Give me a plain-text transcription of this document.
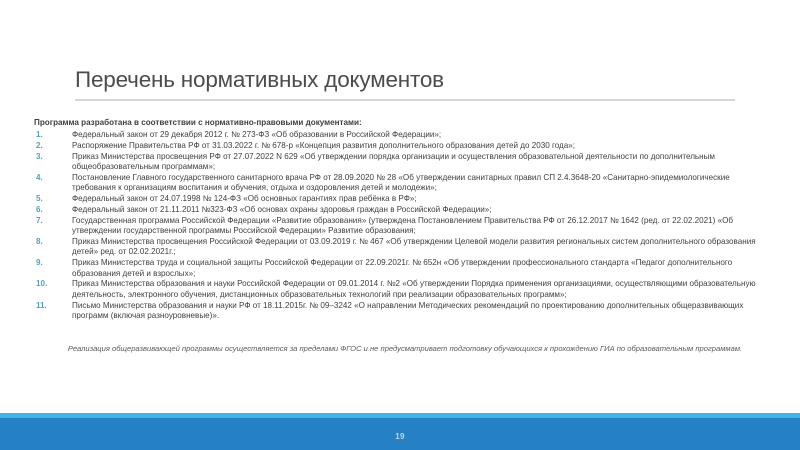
Перечень нормативных документов
Программа разработана в соответствии с нормативно-правовыми документами:
1.	Федеральный закон от 29 декабря 2012 г. № 273-ФЗ «Об образовании в Российской Федерации»;
2.	Распоряжение Правительства РФ от 31.03.2022 г. № 678-р «Концепция развития дополнительного образования детей до 2030 года»;
3.	Приказ Министерства просвещения РФ от 27.07.2022 N 629 «Об утверждении порядка организации и осуществления образовательной деятельности по дополнительным общеобразовательным программам»;
4.	Постановление Главного государственного санитарного врача РФ от 28.09.2020 № 28 «Об утверждении санитарных правил СП 2.4.3648-20 «Санитарно-эпидемиологические требования к организациям воспитания и обучения, отдыха и оздоровления детей и молодежи»;
5.	Федеральный закон от 24.07.1998 № 124-ФЗ «Об основных гарантиях прав ребёнка в РФ»;
6.	Федеральный закон от 21.11.2011 №323-ФЗ «Об основах охраны здоровья граждан в Российской Федерации»;
7.	Государственная программа Российской Федерации «Развитие образования» (утверждена Постановлением Правительства РФ от 26.12.2017 № 1642 (ред. от 22.02.2021) «Об утверждении государственной программы Российской Федерации» Развитие образования;
8.	Приказ Министерства просвещения Российской Федерации от 03.09.2019 г. № 467 «Об утверждении Целевой модели развития региональных систем дополнительного образования детей» ред. от 02.02.2021г.;
9.	Приказ Министерства труда и социальной защиты Российской Федерации от 22.09.2021г. № 652н «Об утверждении профессионального стандарта «Педагог дополнительного образования детей и взрослых»;
10.	Приказ Министерства образования и науки Российской Федерации от 09.01.2014 г. №2 «Об утверждении Порядка применения организациями, осуществляющими образовательную деятельность, электронного обучения, дистанционных образовательных технологий при реализации образовательных программ»;
11.	Письмо Министерства образования и науки РФ от 18.11.2015г. № 09–3242 «О направлении Методических рекомендаций по проектированию дополнительных общеразвивающих программ (включая разноуровневые)».
Реализация общеразвивающей программы осуществляется за пределами ФГОС и не предусматривает подготовку обучающихся к прохождению ГИА по образовательным программам.
19
